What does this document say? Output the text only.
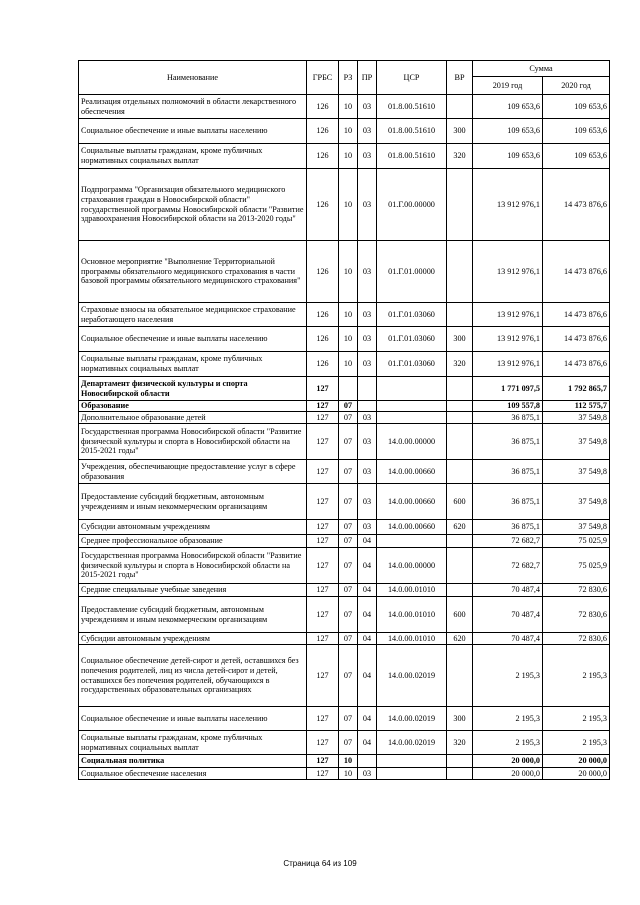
Наименование	ГРБС	РЗ	ПР	ЦСР	ВР	Сумма	
						2019 год	2020 год
Реализация отдельных полномочий в области лекарственного обеспечения	126	10	03	01.8.00.51610		109 653,6	109 653,6
Социальное обеспечение и иные выплаты населению	126	10	03	01.8.00.51610	300	109 653,6	109 653,6
Социальные выплаты гражданам, кроме публичных нормативных социальных выплат	126	10	03	01.8.00.51610	320	109 653,6	109 653,6
Подпрограмма "Организация обязательного медицинского страхования граждан в Новосибирской области" государственной программы Новосибирской области "Развитие здравоохранения Новосибирской области на 2013-2020 годы"	126	10	03	01.Г.00.00000		13 912 976,1	14 473 876,6
Основное мероприятие "Выполнение Территориальной программы обязательного медицинского страхования в части базовой программы обязательного медицинского страхования"	126	10	03	01.Г.01.00000		13 912 976,1	14 473 876,6
Страховые взносы на обязательное медицинское страхование неработающего населения	126	10	03	01.Г.01.03060		13 912 976,1	14 473 876,6
Социальное обеспечение и иные выплаты населению	126	10	03	01.Г.01.03060	300	13 912 976,1	14 473 876,6
Социальные выплаты гражданам, кроме публичных нормативных социальных выплат	126	10	03	01.Г.01.03060	320	13 912 976,1	14 473 876,6
Департамент физической культуры и спорта Новосибирской области	127					1 771 097,5	1 792 865,7
Образование	127	07				109 557,8	112 575,7
Дополнительное образование детей	127	07	03			36 875,1	37 549,8
Государственная программа Новосибирской области "Развитие физической культуры и спорта в Новосибирской области на 2015-2021 годы"	127	07	03	14.0.00.00000		36 875,1	37 549,8
Учреждения, обеспечивающие предоставление услуг в сфере образования	127	07	03	14.0.00.00660		36 875,1	37 549,8
Предоставление субсидий бюджетным, автономным учреждениям и иным некоммерческим организациям	127	07	03	14.0.00.00660	600	36 875,1	37 549,8
Субсидии автономным учреждениям	127	07	03	14.0.00.00660	620	36 875,1	37 549,8
Среднее профессиональное образование	127	07	04			72 682,7	75 025,9
Государственная программа Новосибирской области "Развитие физической культуры и спорта в Новосибирской области на 2015-2021 годы"	127	07	04	14.0.00.00000		72 682,7	75 025,9
Средние специальные учебные заведения	127	07	04	14.0.00.01010		70 487,4	72 830,6
Предоставление субсидий бюджетным, автономным учреждениям и иным некоммерческим организациям	127	07	04	14.0.00.01010	600	70 487,4	72 830,6
Субсидии автономным учреждениям	127	07	04	14.0.00.01010	620	70 487,4	72 830,6
Социальное обеспечение детей-сирот и детей, оставшихся без попечения родителей, лиц из числа детей-сирот и детей, оставшихся без попечения родителей, обучающихся в государственных образовательных организациях	127	07	04	14.0.00.02019		2 195,3	2 195,3
Социальное обеспечение и иные выплаты населению	127	07	04	14.0.00.02019	300	2 195,3	2 195,3
Социальные выплаты гражданам, кроме публичных нормативных социальных выплат	127	07	04	14.0.00.02019	320	2 195,3	2 195,3
Социальная политика	127	10				20 000,0	20 000,0
Социальное обеспечение населения	127	10	03			20 000,0	20 000,0
Страница 64 из 109
